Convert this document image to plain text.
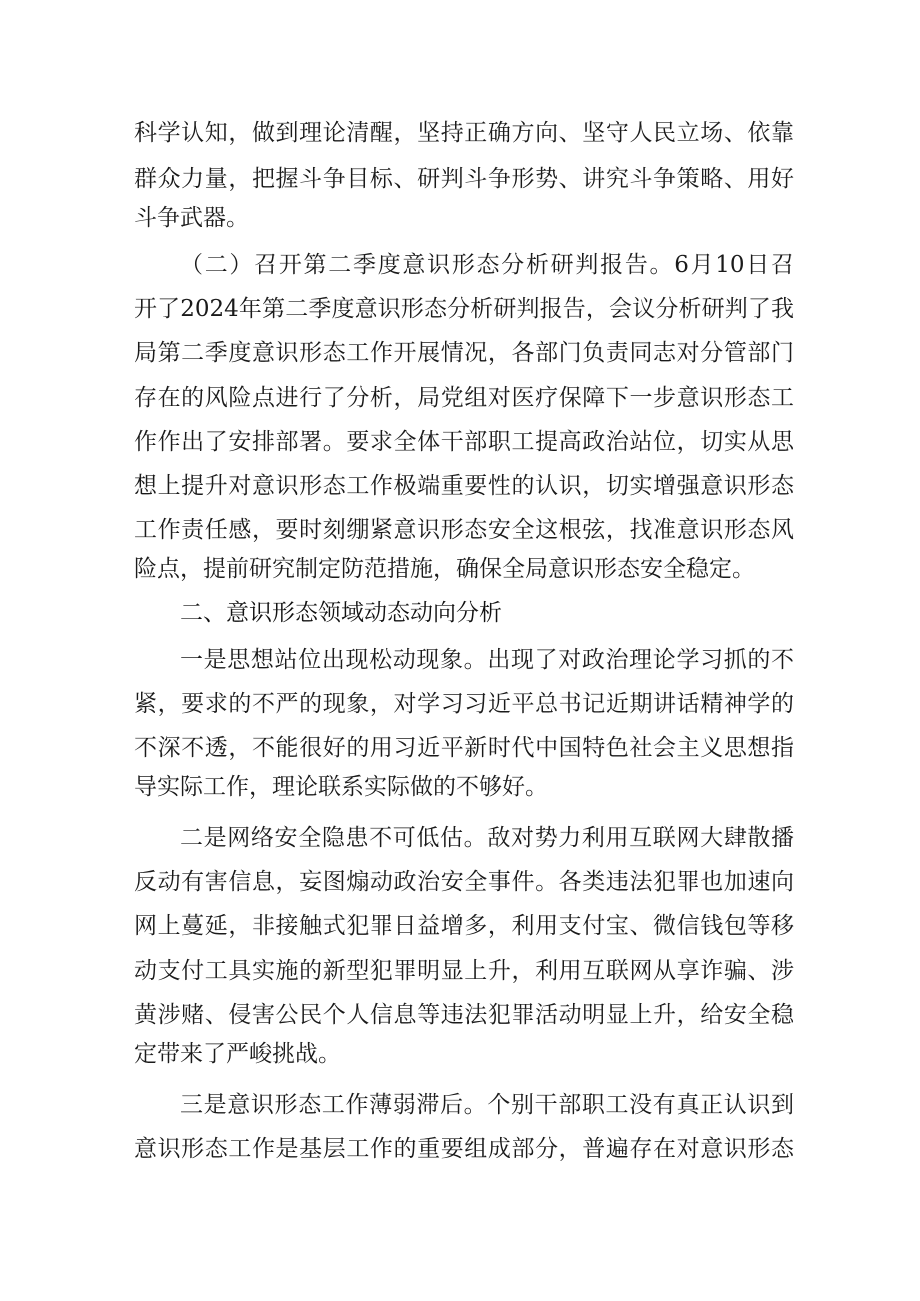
科学认知，做到理论清醒，坚持正确方向、坚守人民立场、依靠
群众力量，把握斗争目标、研判斗争形势、讲究斗争策略、用好
斗争武器。
（二）召开第二季度意识形态分析研判报告。6月10日召
开了2024年第二季度意识形态分析研判报告，会议分析研判了我
局第二季度意识形态工作开展情况，各部门负责同志对分管部门
存在的风险点进行了分析，局党组对医疗保障下一步意识形态工
作作出了安排部署。要求全体干部职工提高政治站位，切实从思
想上提升对意识形态工作极端重要性的认识，切实增强意识形态
工作责任感，要时刻绷紧意识形态安全这根弦，找准意识形态风
险点，提前研究制定防范措施，确保全局意识形态安全稳定。
二、意识形态领域动态动向分析
一是思想站位出现松动现象。出现了对政治理论学习抓的不
紧，要求的不严的现象，对学习习近平总书记近期讲话精神学的
不深不透，不能很好的用习近平新时代中国特色社会主义思想指
导实际工作，理论联系实际做的不够好。
二是网络安全隐患不可低估。敌对势力利用互联网大肆散播
反动有害信息，妄图煽动政治安全事件。各类违法犯罪也加速向
网上蔓延，非接触式犯罪日益增多，利用支付宝、微信钱包等移
动支付工具实施的新型犯罪明显上升，利用互联网从享诈骗、涉
黄涉赌、侵害公民个人信息等违法犯罪活动明显上升，给安全稳
定带来了严峻挑战。
三是意识形态工作薄弱滞后。个别干部职工没有真正认识到
意识形态工作是基层工作的重要组成部分，普遍存在对意识形态
